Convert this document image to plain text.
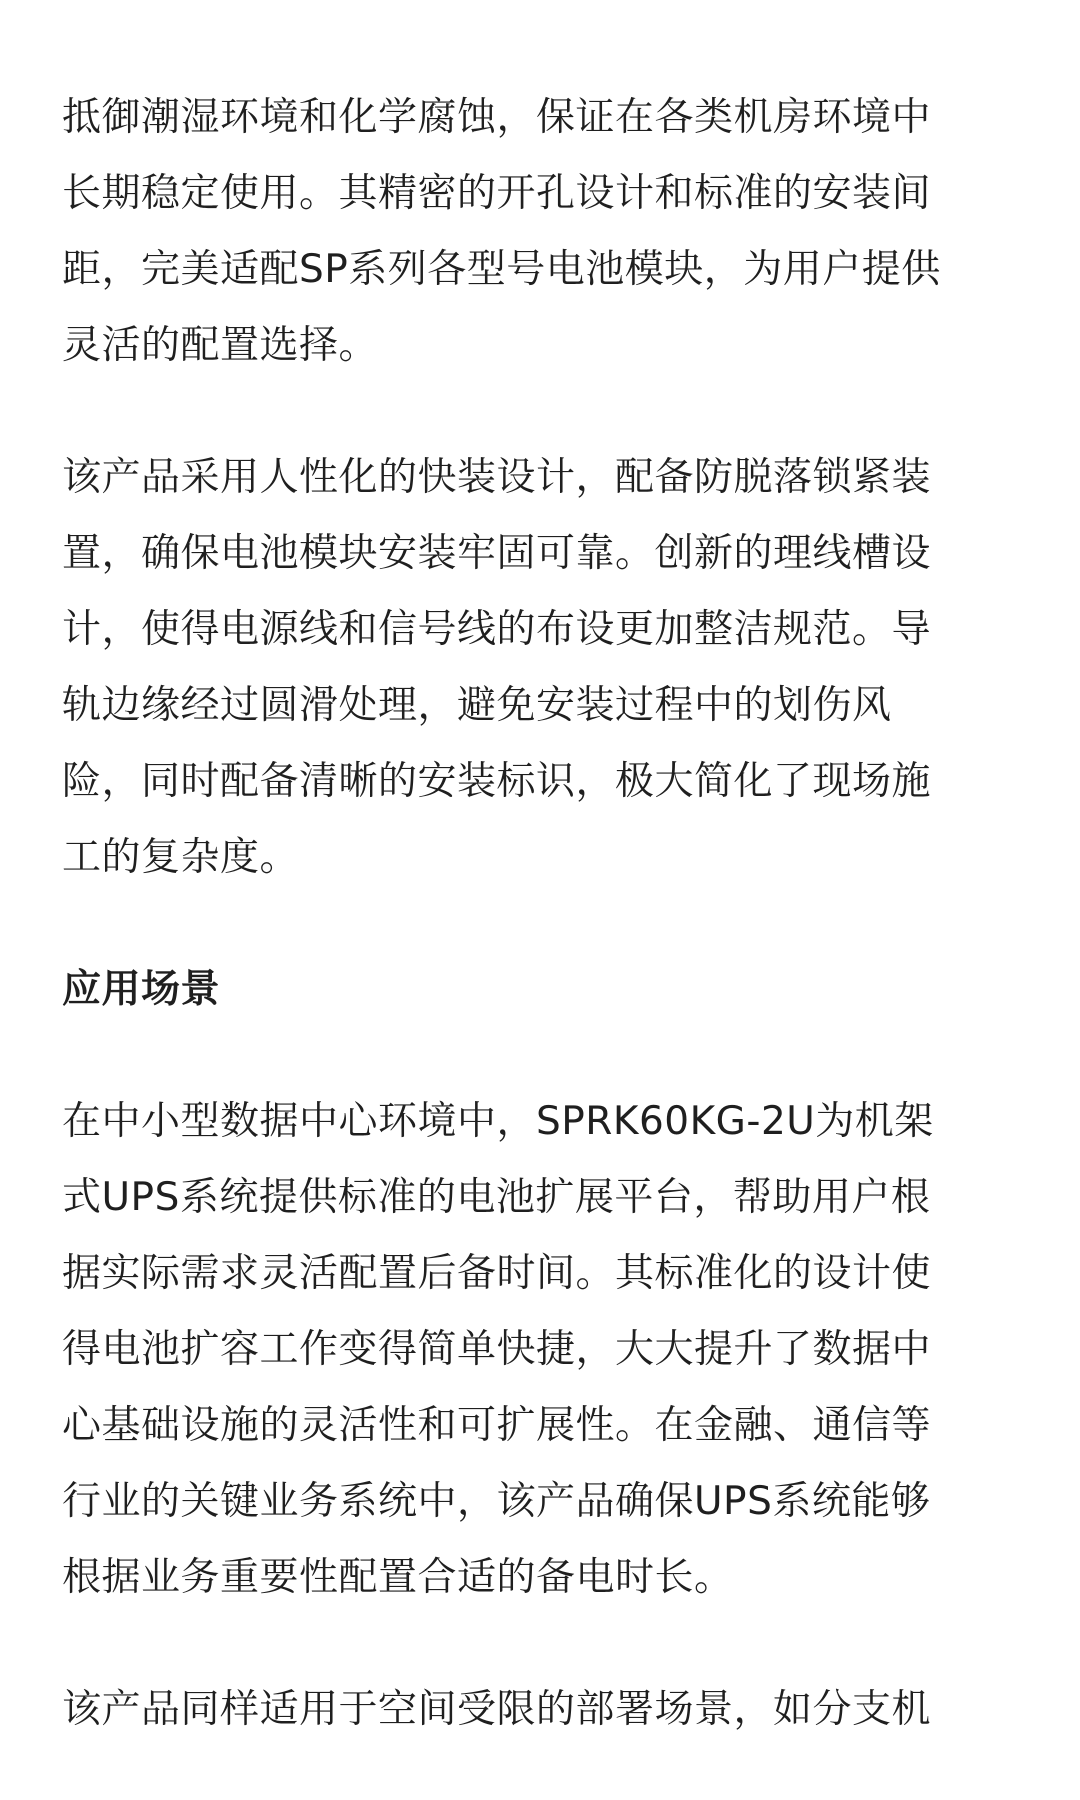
抵御潮湿环境和化学腐蚀，保证在各类机房环境中
长期稳定使用。其精密的开孔设计和标准的安装间
距，完美适配SP系列各型号电池模块，为用户提供
灵活的配置选择。

该产品采用人性化的快装设计，配备防脱落锁紧装
置，确保电池模块安装牢固可靠。创新的理线槽设
计，使得电源线和信号线的布设更加整洁规范。导
轨边缘经过圆滑处理，避免安装过程中的划伤风
险，同时配备清晰的安装标识，极大简化了现场施
工的复杂度。

应用场景

在中小型数据中心环境中，SPRK60KG-2U为机架
式UPS系统提供标准的电池扩展平台，帮助用户根
据实际需求灵活配置后备时间。其标准化的设计使
得电池扩容工作变得简单快捷，大大提升了数据中
心基础设施的灵活性和可扩展性。在金融、通信等
行业的关键业务系统中，该产品确保UPS系统能够
根据业务重要性配置合适的备电时长。

该产品同样适用于空间受限的部署场景，如分支机
